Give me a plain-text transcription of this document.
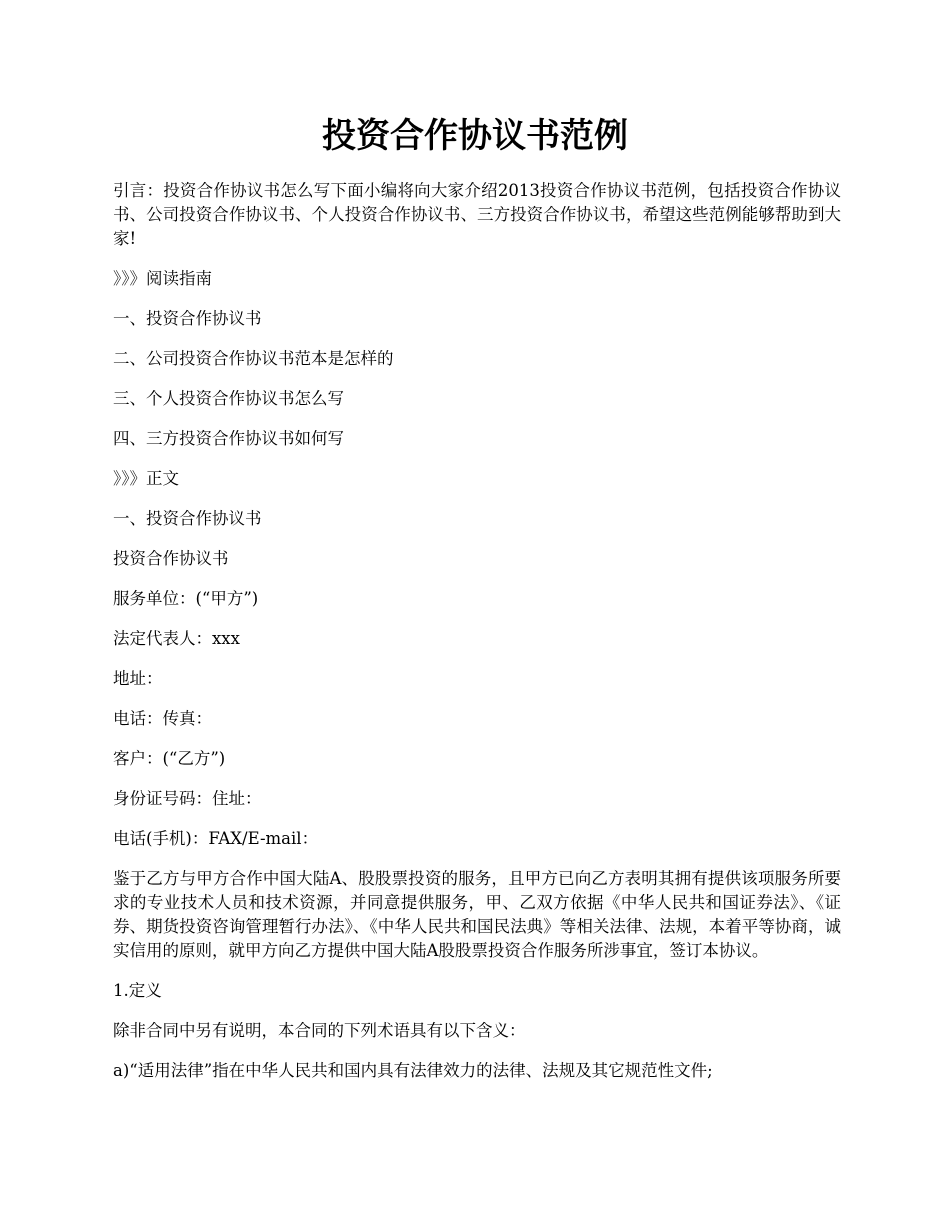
投资合作协议书范例

引言：投资合作协议书怎么写下面小编将向大家介绍2013投资合作协议书范例，包括投资合作协议书、公司投资合作协议书、个人投资合作协议书、三方投资合作协议书，希望这些范例能够帮助到大家!

》》》阅读指南

一、投资合作协议书

二、公司投资合作协议书范本是怎样的

三、个人投资合作协议书怎么写

四、三方投资合作协议书如何写

》》》正文

一、投资合作协议书

投资合作协议书

服务单位：(“甲方”)

法定代表人：xxx

地址：

电话：传真：

客户：(“乙方”)

身份证号码：住址：

电话(手机)：FAX/E-mail：

鉴于乙方与甲方合作中国大陆A、股股票投资的服务，且甲方已向乙方表明其拥有提供该项服务所要求的专业技术人员和技术资源，并同意提供服务，甲、乙双方依据《中华人民共和国证券法》、《证券、期货投资咨询管理暂行办法》、《中华人民共和国民法典》等相关法律、法规，本着平等协商，诚实信用的原则，就甲方向乙方提供中国大陆A股股票投资合作服务所涉事宜，签订本协议。

1.定义

除非合同中另有说明，本合同的下列术语具有以下含义：

a)“适用法律”指在中华人民共和国内具有法律效力的法律、法规及其它规范性文件;
